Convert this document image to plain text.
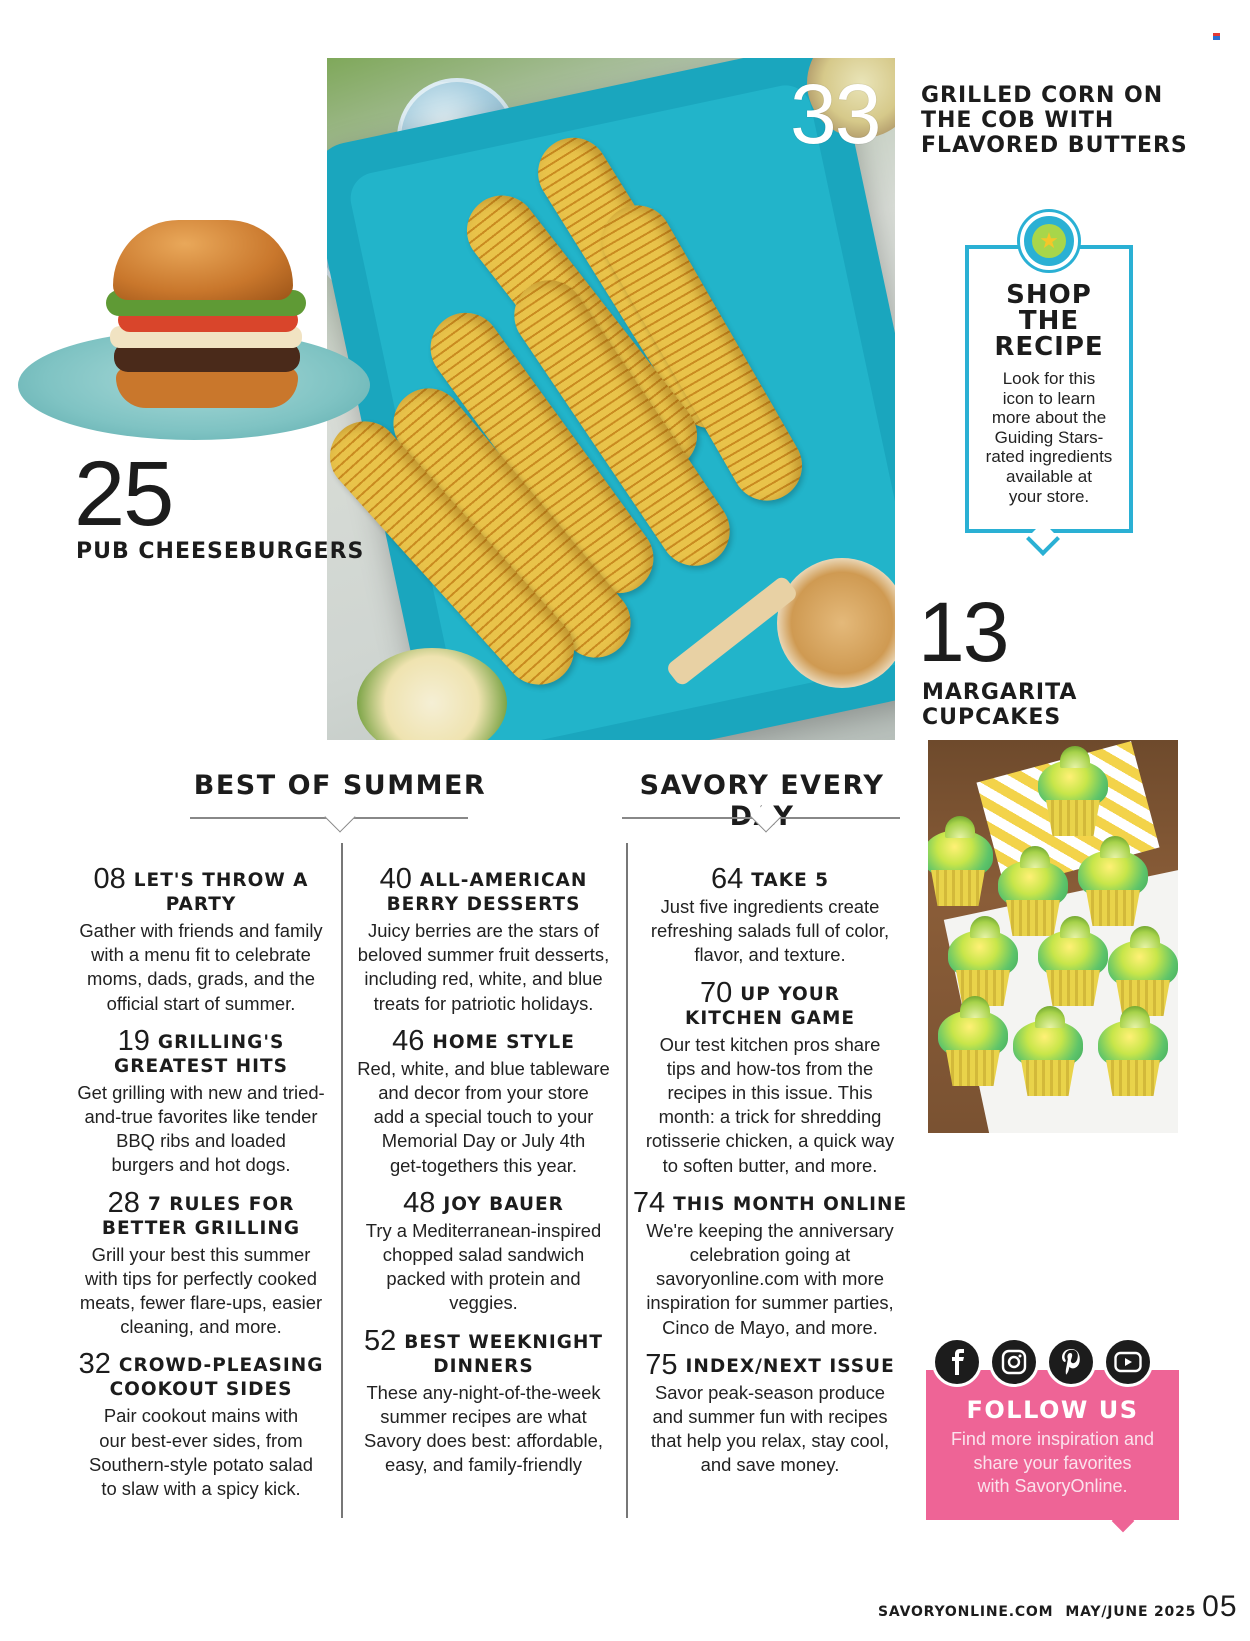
33 GRILLED CORN ON
THE COB WITH
FLAVORED BUTTERS
25
PUB CHEESEBURGERS
★
SHOP
THE
RECIPE
Look for this
icon to learn
more about the
Guiding Stars-
rated ingredients
available at
your store.
13
MARGARITA
CUPCAKES
BEST OF SUMMER	SAVORY EVERY
08 LET'S THROW A PARTY
Gather with friends and family
with a menu fit to celebrate
moms, dads, grads, and the
official start of summer.
19 GRILLING'S
GREATEST HITS
Get grilling with new and tried-
and-true favorites like tender
BBQ ribs and loaded
burgers and hot dogs.
28 7 RULES FOR
BETTER GRILLING
Grill your best this summer
with tips for perfectly cooked
meats, fewer flare-ups, easier
cleaning, and more.
32 CROWD-PLEASING
COOKOUT SIDES
Pair cookout mains with
our best-ever sides, from
Southern-style potato salad
to slaw with a spicy kick.
40 ALL-AMERICAN
BERRY DESSERTS
Juicy berries are the stars of
beloved summer fruit desserts,
including red, white, and blue
treats for patriotic holidays.
46 HOME STYLE
Red, white, and blue tableware
and decor from your store
add a special touch to your
Memorial Day or July 4th
get-togethers this year.
48 JOY BAUER
Try a Mediterranean-inspired
chopped salad sandwich
packed with protein and
veggies.
52 BEST WEEKNIGHT
DINNERS
These any-night-of-the-week
summer recipes are what
Savory does best: affordable,
easy, and family-friendly
64 TAKE 5
Just five ingredients create
refreshing salads full of color,
flavor, and texture.
70 UP YOUR
KITCHEN GAME
Our test kitchen pros share
tips and how-tos from the
recipes in this issue. This
month: a trick for shredding
rotisserie chicken, a quick way
to soften butter, and more.
74 THIS MONTH ONLINE
We're keeping the anniversary
celebration going at
savoryonline.com with more
inspiration for summer parties,
Cinco de Mayo, and more.
75 INDEX/NEXT ISSUE
Savor peak-season produce
and summer fun with recipes
that help you relax, stay cool,
and save money.
FOLLOW US
Find more inspiration and
share your favorites
with SavoryOnline.
SAVORYONLINE.COM MAY/JUNE 2025 05
